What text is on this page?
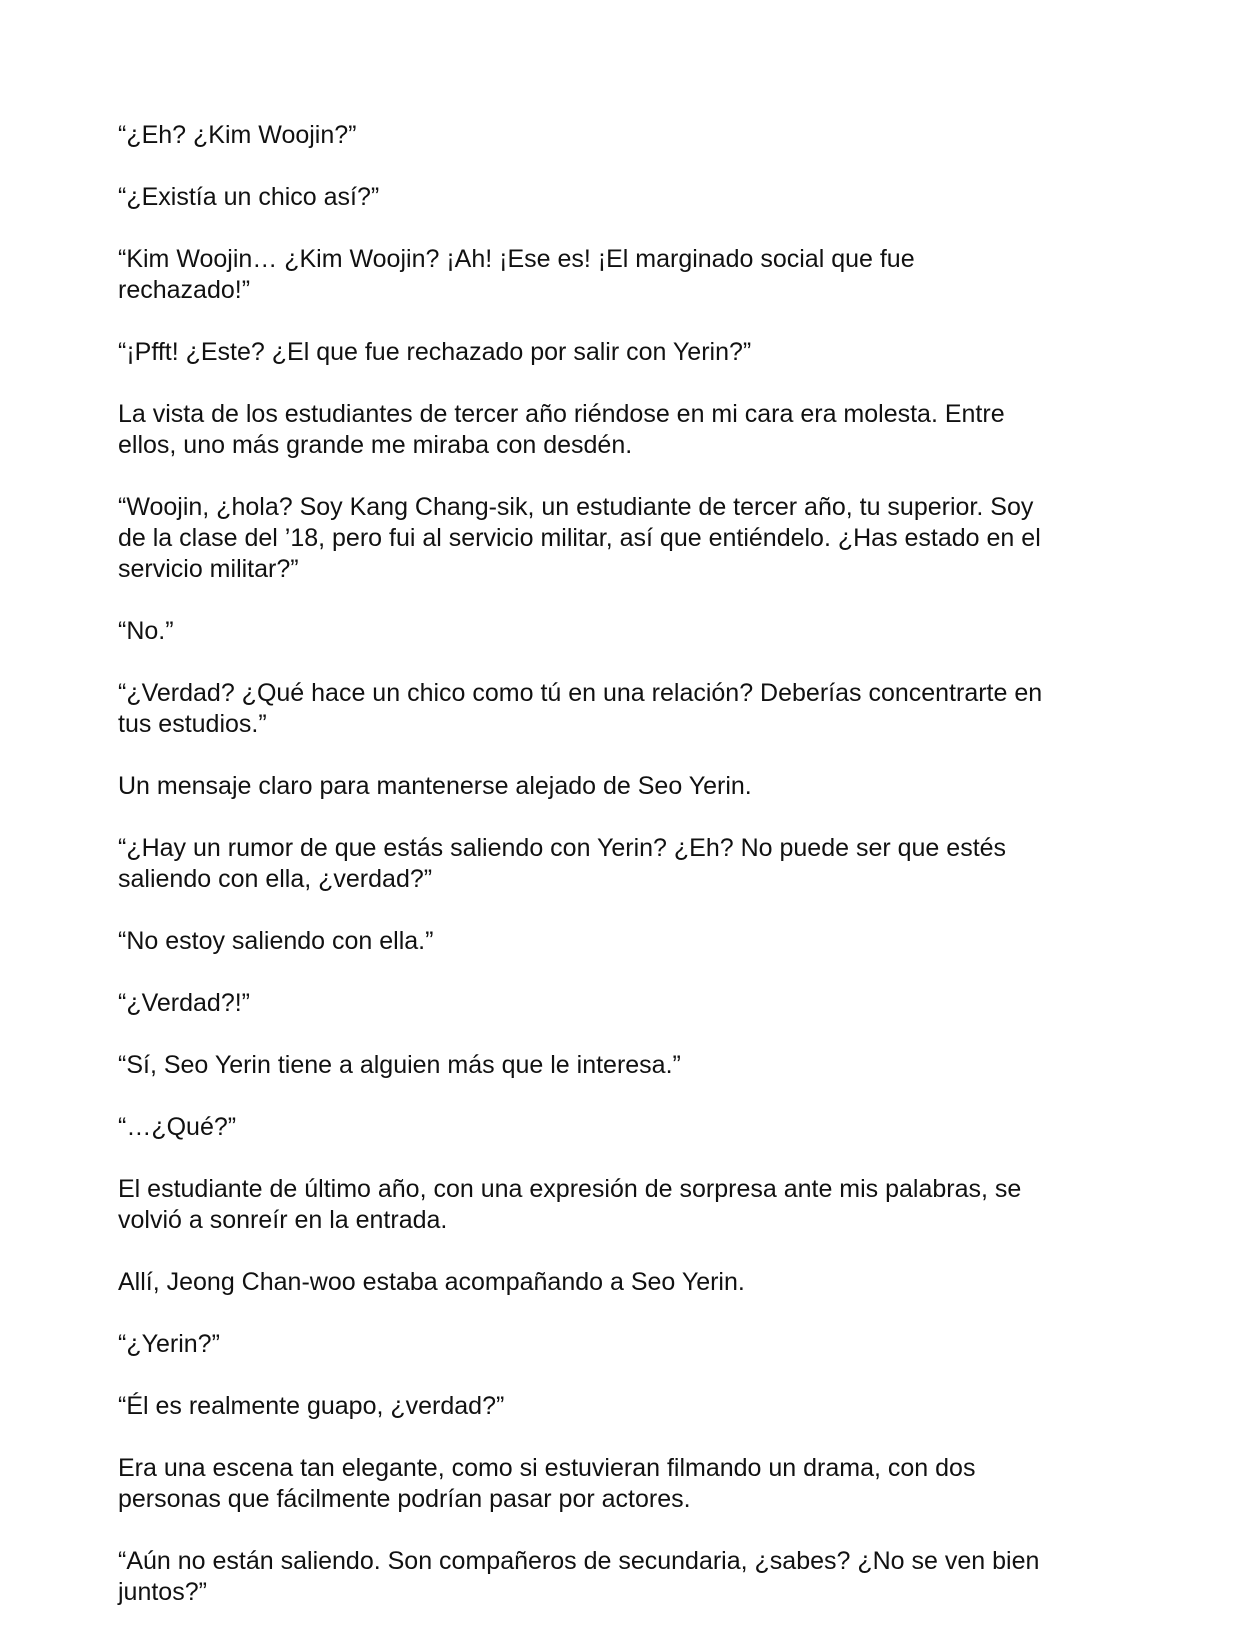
“¿Eh? ¿Kim Woojin?”

“¿Existía un chico así?”

“Kim Woojin… ¿Kim Woojin? ¡Ah! ¡Ese es! ¡El marginado social que fue
rechazado!”

“¡Pfft! ¿Este? ¿El que fue rechazado por salir con Yerin?”

La vista de los estudiantes de tercer año riéndose en mi cara era molesta. Entre
ellos, uno más grande me miraba con desdén.

“Woojin, ¿hola? Soy Kang Chang-sik, un estudiante de tercer año, tu superior. Soy
de la clase del ’18, pero fui al servicio militar, así que entiéndelo. ¿Has estado en el
servicio militar?”

“No.”

“¿Verdad? ¿Qué hace un chico como tú en una relación? Deberías concentrarte en
tus estudios.”

Un mensaje claro para mantenerse alejado de Seo Yerin.

“¿Hay un rumor de que estás saliendo con Yerin? ¿Eh? No puede ser que estés
saliendo con ella, ¿verdad?”

“No estoy saliendo con ella.”

“¿Verdad?!”

“Sí, Seo Yerin tiene a alguien más que le interesa.”

“…¿Qué?”

El estudiante de último año, con una expresión de sorpresa ante mis palabras, se
volvió a sonreír en la entrada.

Allí, Jeong Chan-woo estaba acompañando a Seo Yerin.

“¿Yerin?”

“Él es realmente guapo, ¿verdad?”

Era una escena tan elegante, como si estuvieran filmando un drama, con dos
personas que fácilmente podrían pasar por actores.

“Aún no están saliendo. Son compañeros de secundaria, ¿sabes? ¿No se ven bien
juntos?”
